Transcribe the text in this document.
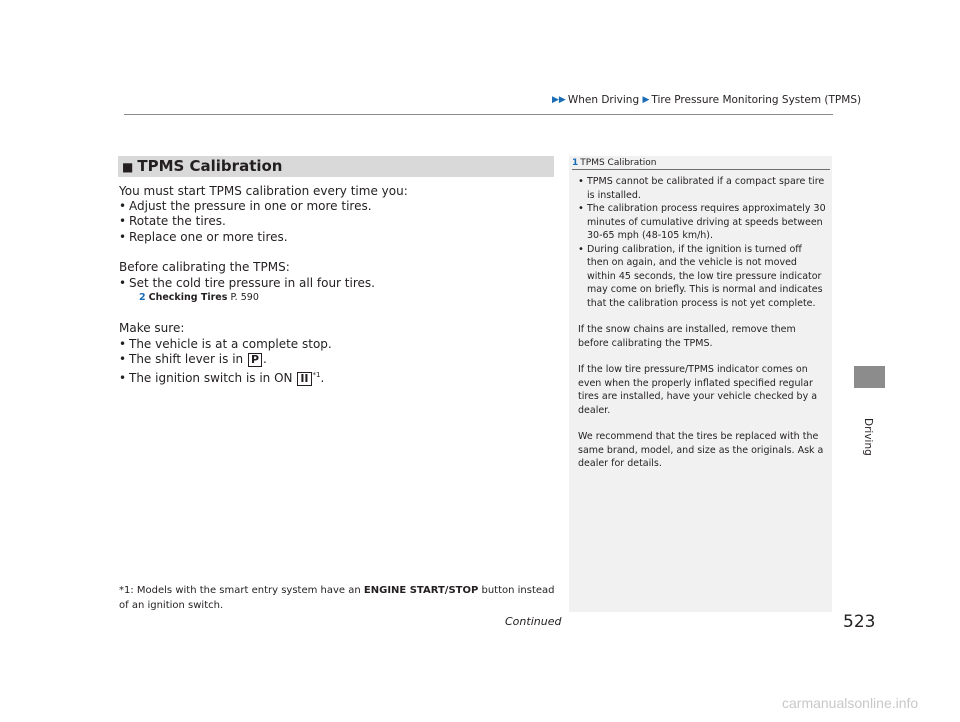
▶▶ When Driving ▶ Tire Pressure Monitoring System (TPMS)
■ TPMS Calibration
You must start TPMS calibration every time you:
• Adjust the pressure in one or more tires.
• Rotate the tires.
• Replace one or more tires.
Before calibrating the TPMS:
• Set the cold tire pressure in all four tires.
2 Checking Tires P. 590
Make sure:
• The vehicle is at a complete stop.
• The shift lever is in P .
• The ignition switch is in ON II $^{*1}$.
*1: Models with the smart entry system have an ENGINE START/STOP button instead of an ignition switch.
1 TPMS Calibration
• TPMS cannot be calibrated if a compact spare tire is installed.
• The calibration process requires approximately 30 minutes of cumulative driving at speeds between 30-65 mph (48-105 km/h).
• During calibration, if the ignition is turned off then on again, and the vehicle is not moved within 45 seconds, the low tire pressure indicator may come on briefly. This is normal and indicates that the calibration process is not yet complete.

If the snow chains are installed, remove them before calibrating the TPMS.

If the low tire pressure/TPMS indicator comes on even when the properly inflated specified regular tires are installed, have your vehicle checked by a dealer.

We recommend that the tires be replaced with the same brand, model, and size as the originals. Ask a dealer for details.

Driving
Continued	523
carmanualsonline.info
